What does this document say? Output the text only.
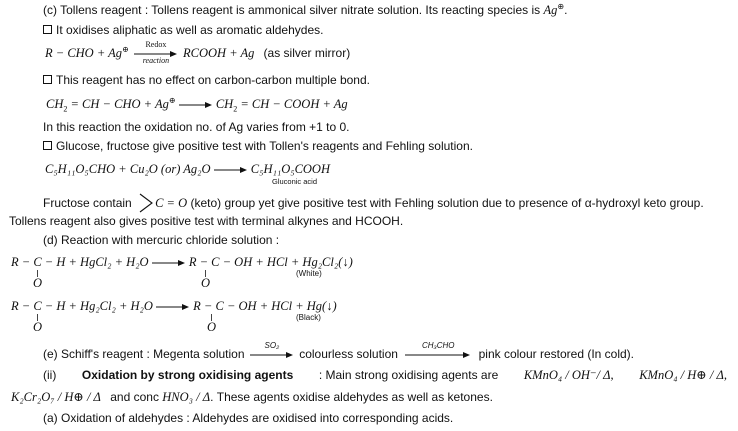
(c) Tollens reagent : Tollens reagent is ammonical silver nitrate solution. Its reacting species is Ag⊕.
It oxidises aliphatic as well as aromatic aldehydes.
R − CHO + Ag⊕
Redox
reaction
RCOOH + Ag (as silver mirror)
This reagent has no effect on carbon-carbon multiple bond.
$CH_2$ = CH − CHO + Ag⊕	$CH_2$ = CH − COOH + Ag
In this reaction the oxidation no. of Ag varies from +1 to 0.
Glucose, fructose give positive test with Tollen's reagents and Fehling solution.
C₅H₁₁O₅CHO + Cu₂O (or) Ag₂O	C₅H₁₁O₅COOH
Gluconic acid
Fructose contain C = O (keto) group yet give positive test with Fehling solution due to presence of α-hydroxyl keto group.
Tollens reagent also gives positive test with terminal alkynes and HCOOH.
(d) Reaction with mercuric chloride solution :
R − C − H + HgCl₂ + H₂O	R − C − OH + HCl + Hg₂Cl₂(↓)
O	O
(White)
R − C − H + Hg₂Cl₂ + H₂O	R − C − OH + HCl + Hg(↓)
O	O
(Black)
(e) Schiff's reagent : Megenta solution
SO₂
colourless solution
CH₃CHO
pink colour restored (In cold).
(ii) Oxidation by strong oxidising agents : Main strong oxidising agents are KMnO₄ / OH⁻/ Δ, KMnO₄ / H⊕ / Δ,
K₂Cr₂O₇ / H⊕ / Δ and conc HNO₃ / Δ. These agents oxidise aldehydes as well as ketones.
(a) Oxidation of aldehydes : Aldehydes are oxidised into corresponding acids.
